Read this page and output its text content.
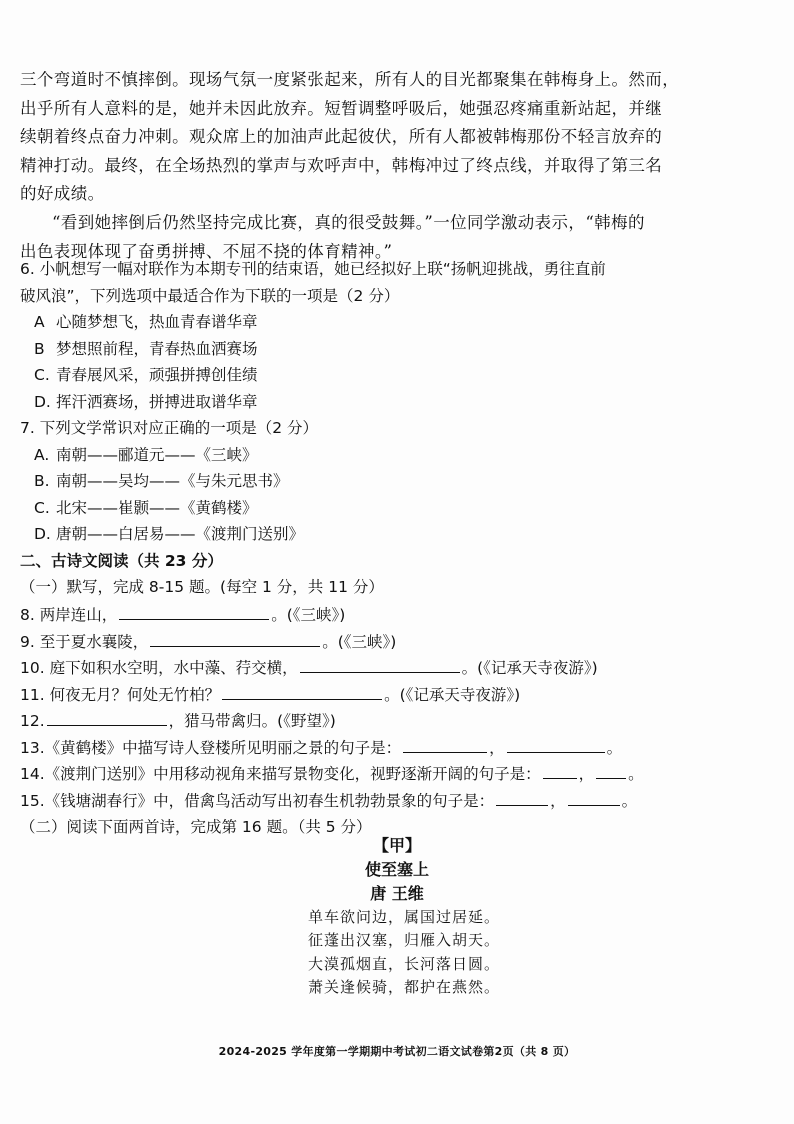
三个弯道时不慎摔倒。现场气氛一度紧张起来，所有人的目光都聚集在韩梅身上。然而，
出乎所有人意料的是，她并未因此放弃。短暂调整呼吸后，她强忍疼痛重新站起，并继
续朝着终点奋力冲刺。观众席上的加油声此起彼伏，所有人都被韩梅那份不轻言放弃的
精神打动。最终，在全场热烈的掌声与欢呼声中，韩梅冲过了终点线，并取得了第三名
的好成绩。
“看到她摔倒后仍然坚持完成比赛，真的很受鼓舞。”一位同学激动表示，“韩梅的
出色表现体现了奋勇拼搏、不屈不挠的体育精神。”
6. 小帆想写一幅对联作为本期专刊的结束语，她已经拟好上联“扬帆迎挑战，勇往直前
破风浪”，下列选项中最适合作为下联的一项是（2 分）
A 心随梦想飞，热血青春谱华章
B 梦想照前程，青春热血洒赛场
C. 青春展风采，顽强拼搏创佳绩
D. 挥汗洒赛场，拼搏进取谱华章
7. 下列文学常识对应正确的一项是（2 分）
A. 南朝——郦道元——《三峡》
B. 南朝——吴均——《与朱元思书》
C. 北宋——崔颢——《黄鹤楼》
D. 唐朝——白居易——《渡荆门送别》
二、古诗文阅读（共 23 分）
（一）默写，完成 8-15 题。(每空 1 分，共 11 分）
8. 两岸连山，	。(《三峡》)
9. 至于夏水襄陵，	。(《三峡》)
10. 庭下如积水空明，水中藻、荇交横，	。(《记承天寺夜游》)
11. 何夜无月？何处无竹柏？	。(《记承天寺夜游》)
12.	，猎马带禽归。(《野望》)
13.《黄鹤楼》中描写诗人登楼所见明丽之景的句子是：	，	。
14.《渡荆门送别》中用移动视角来描写景物变化，视野逐渐开阔的句子是： ， 。
15.《钱塘湖春行》中，借禽鸟活动写出初春生机勃勃景象的句子是：	，	。
（二）阅读下面两首诗，完成第 16 题。（共 5 分）
【甲】
使至塞上
唐 王维
单车欲问边，属国过居延。
征蓬出汉塞，归雁入胡天。
大漠孤烟直，长河落日圆。
萧关逢候骑，都护在燕然。
2024-2025 学年度第一学期期中考试初二语文试卷第2页（共 8 页）
